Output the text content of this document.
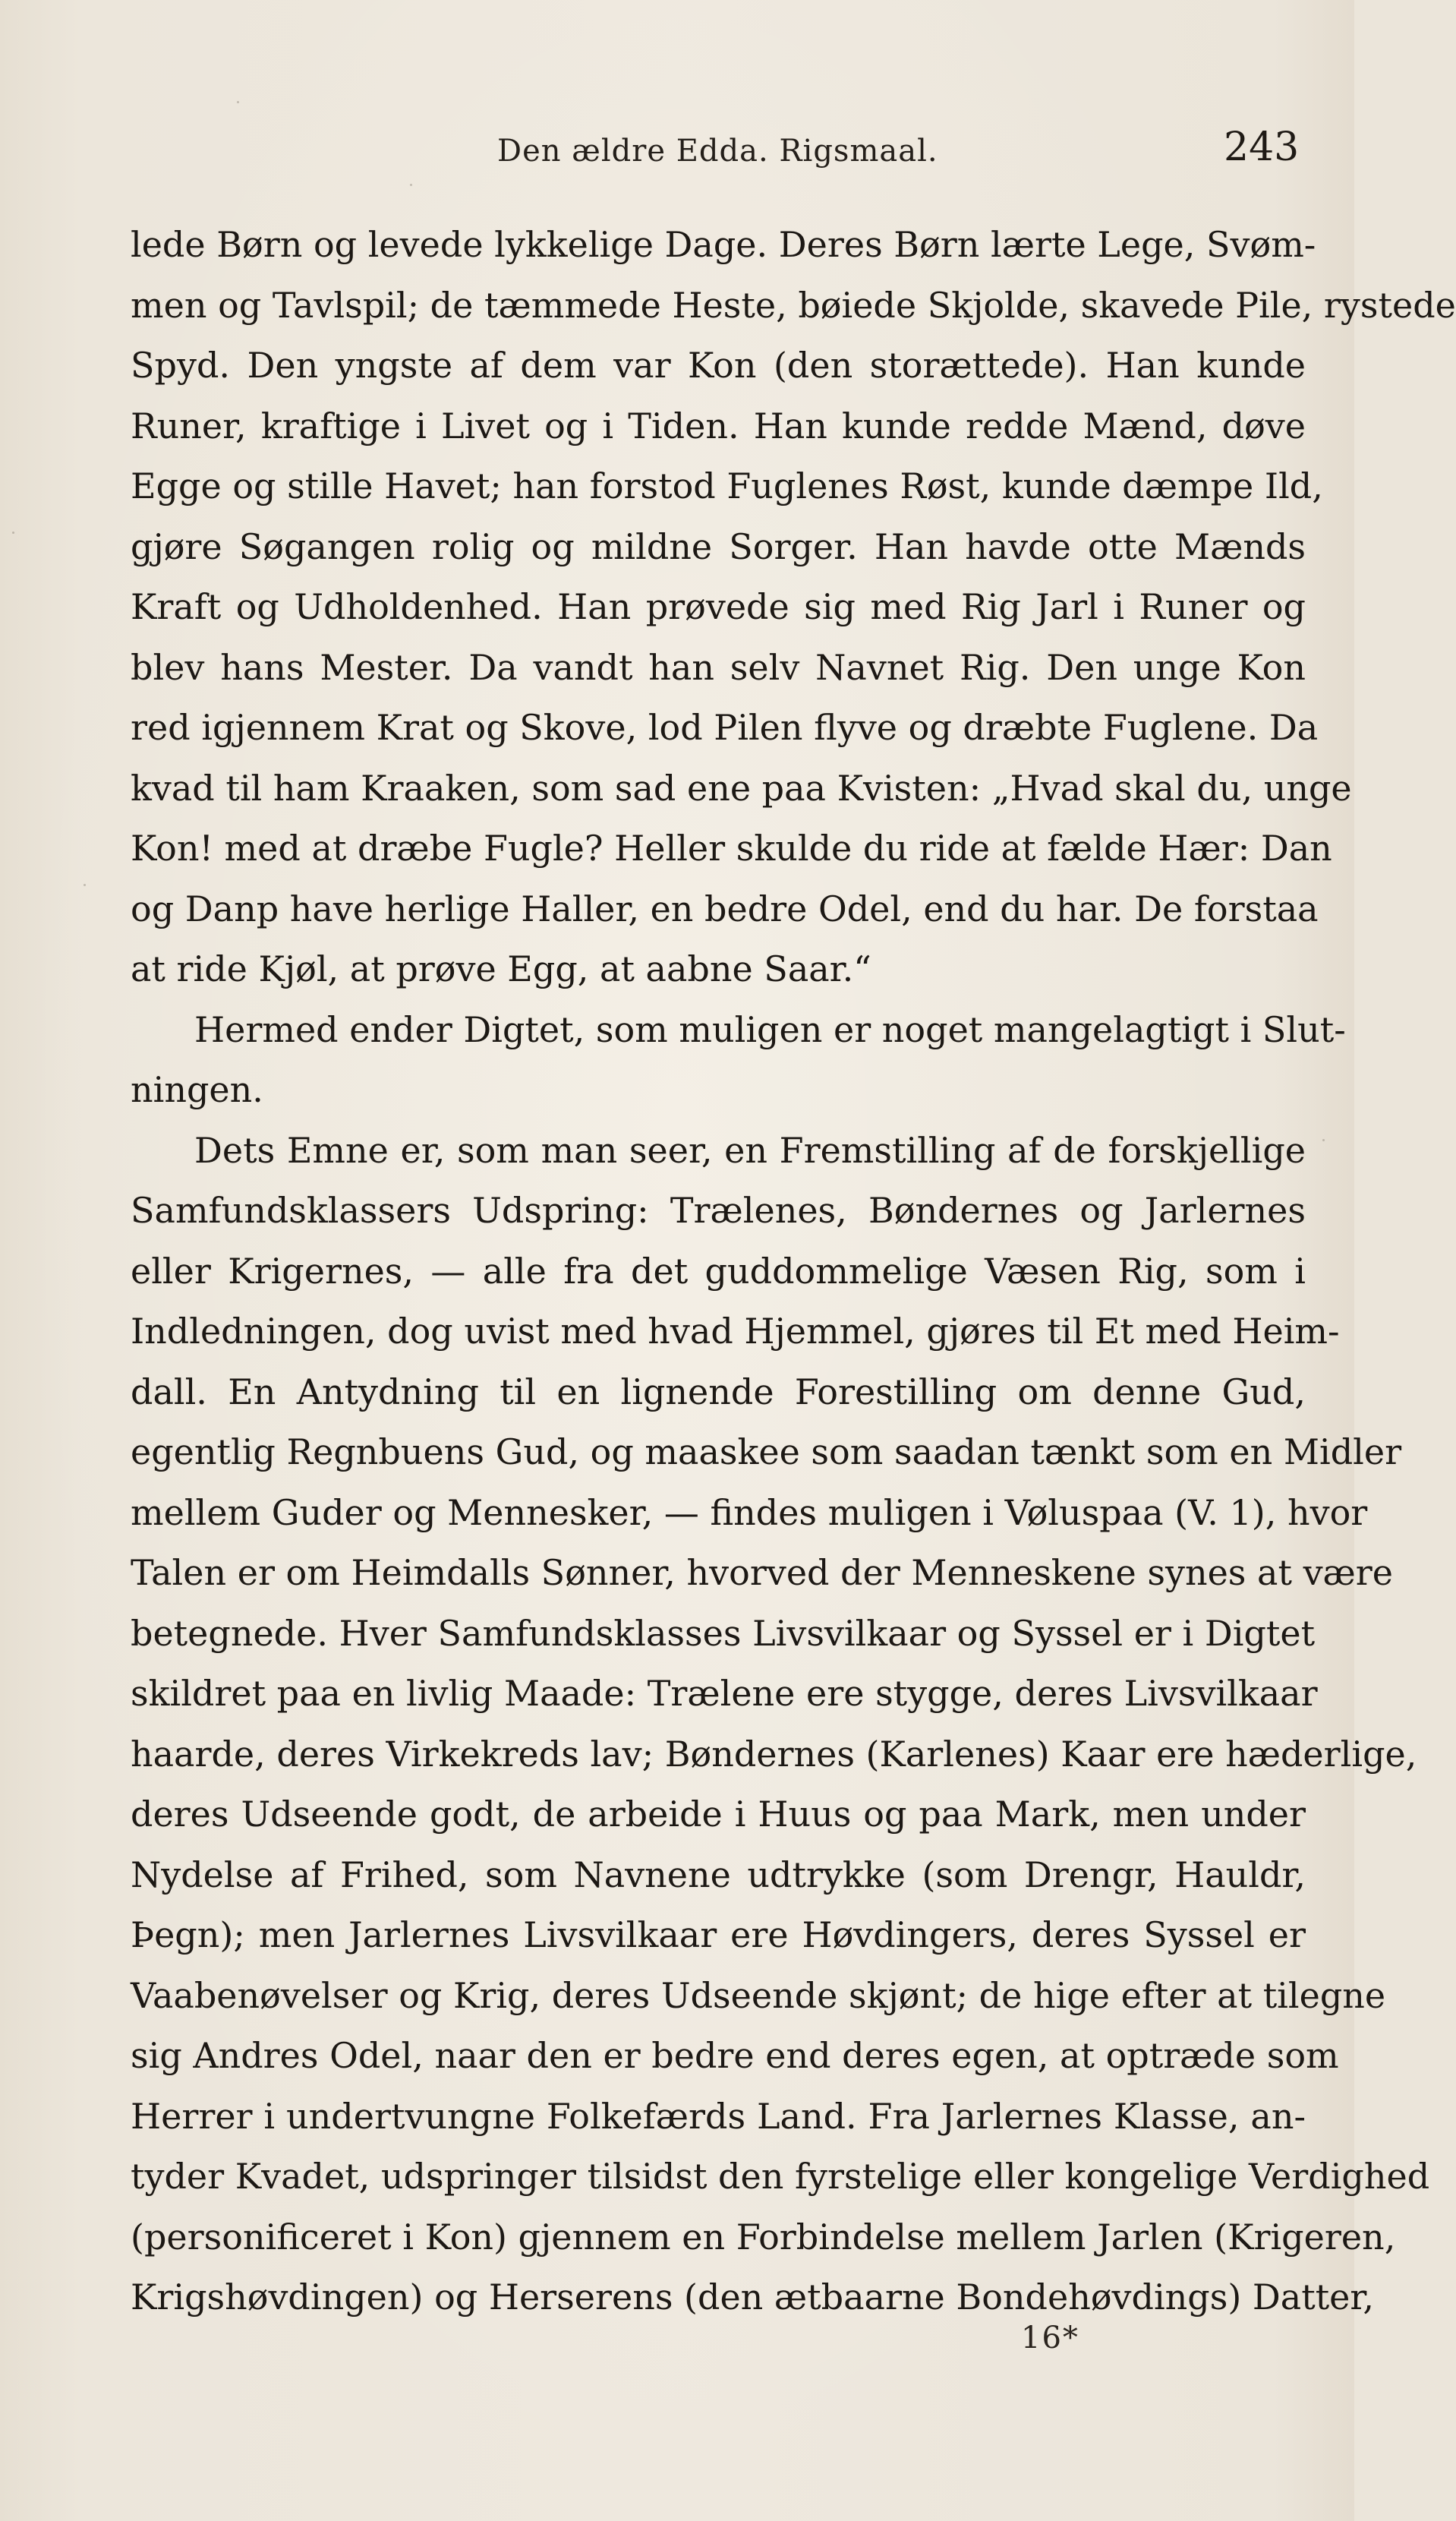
Den ældre Edda. Rigsmaal.	243
lede Børn og levede lykkelige Dage. Deres Børn lærte Lege, Svøm-
men og Tavlspil; de tæmmede Heste, bøiede Skjolde, skavede Pile, rystede
Spyd. Den yngste af dem var Kon (den storættede). Han kunde
Runer, kraftige i Livet og i Tiden. Han kunde redde Mænd, døve
Egge og stille Havet; han forstod Fuglenes Røst, kunde dæmpe Ild,
gjøre Søgangen rolig og mildne Sorger. Han havde otte Mænds
Kraft og Udholdenhed. Han prøvede sig med Rig Jarl i Runer og
blev hans Mester. Da vandt han selv Navnet Rig. Den unge Kon
red igjennem Krat og Skove, lod Pilen flyve og dræbte Fuglene. Da
kvad til ham Kraaken, som sad ene paa Kvisten: „Hvad skal du, unge
Kon! med at dræbe Fugle? Heller skulde du ride at fælde Hær: Dan
og Danp have herlige Haller, en bedre Odel, end du har. De forstaa
at ride Kjøl, at prøve Egg, at aabne Saar.“
Hermed ender Digtet, som muligen er noget mangelagtigt i Slut-
ningen.
Dets Emne er, som man seer, en Fremstilling af de forskjellige
Samfundsklassers Udspring: Trælenes, Bøndernes og Jarlernes
eller Krigernes, — alle fra det guddommelige Væsen Rig, som i
Indledningen, dog uvist med hvad Hjemmel, gjøres til Et med Heim-
dall. En Antydning til en lignende Forestilling om denne Gud,
egentlig Regnbuens Gud, og maaskee som saadan tænkt som en Midler
mellem Guder og Mennesker, — findes muligen i Vøluspaa (V. 1), hvor
Talen er om Heimdalls Sønner, hvorved der Menneskene synes at være
betegnede. Hver Samfundsklasses Livsvilkaar og Syssel er i Digtet
skildret paa en livlig Maade: Trælene ere stygge, deres Livsvilkaar
haarde, deres Virkekreds lav; Bøndernes (Karlenes) Kaar ere hæderlige,
deres Udseende godt, de arbeide i Huus og paa Mark, men under
Nydelse af Frihed, som Navnene udtrykke (som Drengr, Hauldr,
Þegn); men Jarlernes Livsvilkaar ere Høvdingers, deres Syssel er
Vaabenøvelser og Krig, deres Udseende skjønt; de hige efter at tilegne
sig Andres Odel, naar den er bedre end deres egen, at optræde som
Herrer i undertvungne Folkefærds Land. Fra Jarlernes Klasse, an-
tyder Kvadet, udspringer tilsidst den fyrstelige eller kongelige Verdighed
(personificeret i Kon) gjennem en Forbindelse mellem Jarlen (Krigeren,
Krigshøvdingen) og Herserens (den ætbaarne Bondehøvdings) Datter,
16*
